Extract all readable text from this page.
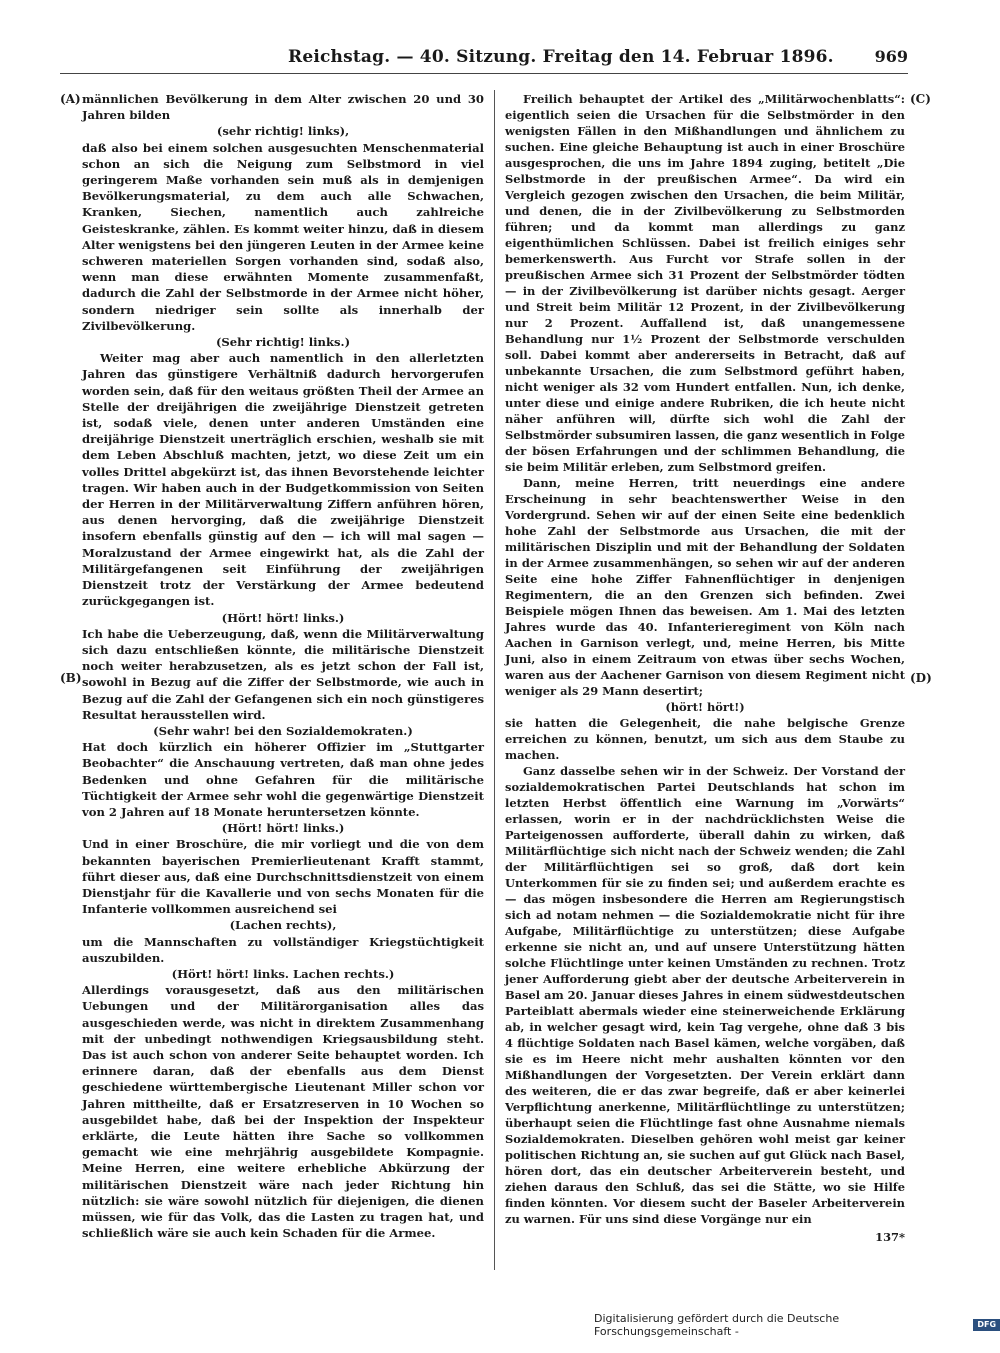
Reichstag. — 40. Sitzung. Freitag den 14. Februar 1896.	969
(A)
(B)
(C)
(D)

männlichen Bevölkerung in dem Alter zwischen 20 und 30 Jahren bilden

(sehr richtig! links),

daß also bei einem solchen ausgesuchten Menschenmaterial schon an sich die Neigung zum Selbstmord in viel geringerem Maße vorhanden sein muß als in demjenigen Bevölkerungsmaterial, zu dem auch alle Schwachen, Kranken, Siechen, namentlich auch zahlreiche Geisteskranke, zählen. Es kommt weiter hinzu, daß in diesem Alter wenigstens bei den jüngeren Leuten in der Armee keine schweren materiellen Sorgen vorhanden sind, sodaß also, wenn man diese erwähnten Momente zusammenfaßt, dadurch die Zahl der Selbstmorde in der Armee nicht höher, sondern niedriger sein sollte als innerhalb der Zivilbevölkerung.

(Sehr richtig! links.)

Weiter mag aber auch namentlich in den allerletzten Jahren das günstigere Verhältniß dadurch hervorgerufen worden sein, daß für den weitaus größten Theil der Armee an Stelle der dreijährigen die zweijährige Dienstzeit getreten ist, sodaß viele, denen unter anderen Umständen eine dreijährige Dienstzeit unerträglich erschien, weshalb sie mit dem Leben Abschluß machten, jetzt, wo diese Zeit um ein volles Drittel abgekürzt ist, das ihnen Bevorstehende leichter tragen. Wir haben auch in der Budgetkommission von Seiten der Herren in der Militärverwaltung Ziffern anführen hören, aus denen hervorging, daß die zweijährige Dienstzeit insofern ebenfalls günstig auf den — ich will mal sagen — Moralzustand der Armee eingewirkt hat, als die Zahl der Militärgefangenen seit Einführung der zweijährigen Dienstzeit trotz der Verstärkung der Armee bedeutend zurückgegangen ist.

(Hört! hört! links.)

Ich habe die Ueberzeugung, daß, wenn die Militärverwaltung sich dazu entschließen könnte, die militärische Dienstzeit noch weiter herabzusetzen, als es jetzt schon der Fall ist, sowohl in Bezug auf die Ziffer der Selbstmorde, wie auch in Bezug auf die Zahl der Gefangenen sich ein noch günstigeres Resultat herausstellen wird.

(Sehr wahr! bei den Sozialdemokraten.)

Hat doch kürzlich ein höherer Offizier im „Stuttgarter Beobachter“ die Anschauung vertreten, daß man ohne jedes Bedenken und ohne Gefahren für die militärische Tüchtigkeit der Armee sehr wohl die gegenwärtige Dienstzeit von 2 Jahren auf 18 Monate heruntersetzen könnte.

(Hört! hört! links.)

Und in einer Broschüre, die mir vorliegt und die von dem bekannten bayerischen Premierlieutenant Krafft stammt, führt dieser aus, daß eine Durchschnittsdienstzeit von einem Dienstjahr für die Kavallerie und von sechs Monaten für die Infanterie vollkommen ausreichend sei

(Lachen rechts),

um die Mannschaften zu vollständiger Kriegstüchtigkeit auszubilden.

(Hört! hört! links. Lachen rechts.)

Allerdings vorausgesetzt, daß aus den militärischen Uebungen und der Militärorganisation alles das ausgeschieden werde, was nicht in direktem Zusammenhang mit der unbedingt nothwendigen Kriegsausbildung steht. Das ist auch schon von anderer Seite behauptet worden. Ich erinnere daran, daß der ebenfalls aus dem Dienst geschiedene württembergische Lieutenant Miller schon vor Jahren mittheilte, daß er Ersatzreserven in 10 Wochen so ausgebildet habe, daß bei der Inspektion der Inspekteur erklärte, die Leute hätten ihre Sache so vollkommen gemacht wie eine mehrjährig ausgebildete Kompagnie. Meine Herren, eine weitere erhebliche Abkürzung der militärischen Dienstzeit wäre nach jeder Richtung hin nützlich: sie wäre sowohl nützlich für diejenigen, die dienen müssen, wie für das Volk, das die Lasten zu tragen hat, und schließlich wäre sie auch kein Schaden für die Armee.

Freilich behauptet der Artikel des „Militärwochenblatts“: eigentlich seien die Ursachen für die Selbstmörder in den wenigsten Fällen in den Mißhandlungen und ähnlichem zu suchen. Eine gleiche Behauptung ist auch in einer Broschüre ausgesprochen, die uns im Jahre 1894 zuging, betitelt „Die Selbstmorde in der preußischen Armee“. Da wird ein Vergleich gezogen zwischen den Ursachen, die beim Militär, und denen, die in der Zivilbevölkerung zu Selbstmorden führen; und da kommt man allerdings zu ganz eigenthümlichen Schlüssen. Dabei ist freilich einiges sehr bemerkenswerth. Aus Furcht vor Strafe sollen in der preußischen Armee sich 31 Prozent der Selbstmörder tödten — in der Zivilbevölkerung ist darüber nichts gesagt. Aerger und Streit beim Militär 12 Prozent, in der Zivilbevölkerung nur 2 Prozent. Auffallend ist, daß unangemessene Behandlung nur 1½ Prozent der Selbstmorde verschulden soll. Dabei kommt aber andererseits in Betracht, daß auf unbekannte Ursachen, die zum Selbstmord geführt haben, nicht weniger als 32 vom Hundert entfallen. Nun, ich denke, unter diese und einige andere Rubriken, die ich heute nicht näher anführen will, dürfte sich wohl die Zahl der Selbstmörder subsumiren lassen, die ganz wesentlich in Folge der bösen Erfahrungen und der schlimmen Behandlung, die sie beim Militär erleben, zum Selbstmord greifen.

Dann, meine Herren, tritt neuerdings eine andere Erscheinung in sehr beachtenswerther Weise in den Vordergrund. Sehen wir auf der einen Seite eine bedenklich hohe Zahl der Selbstmorde aus Ursachen, die mit der militärischen Disziplin und mit der Behandlung der Soldaten in der Armee zusammenhängen, so sehen wir auf der anderen Seite eine hohe Ziffer Fahnenflüchtiger in denjenigen Regimentern, die an den Grenzen sich befinden. Zwei Beispiele mögen Ihnen das beweisen. Am 1. Mai des letzten Jahres wurde das 40. Infanterieregiment von Köln nach Aachen in Garnison verlegt, und, meine Herren, bis Mitte Juni, also in einem Zeitraum von etwas über sechs Wochen, waren aus der Aachener Garnison von diesem Regiment nicht weniger als 29 Mann desertirt;

(hört! hört!)

sie hatten die Gelegenheit, die nahe belgische Grenze erreichen zu können, benutzt, um sich aus dem Staube zu machen.

Ganz dasselbe sehen wir in der Schweiz. Der Vorstand der sozialdemokratischen Partei Deutschlands hat schon im letzten Herbst öffentlich eine Warnung im „Vorwärts“ erlassen, worin er in der nachdrücklichsten Weise die Parteigenossen aufforderte, überall dahin zu wirken, daß Militärflüchtige sich nicht nach der Schweiz wenden; die Zahl der Militärflüchtigen sei so groß, daß dort kein Unterkommen für sie zu finden sei; und außerdem erachte es — das mögen insbesondere die Herren am Regierungstisch sich ad notam nehmen — die Sozialdemokratie nicht für ihre Aufgabe, Militärflüchtige zu unterstützen; diese Aufgabe erkenne sie nicht an, und auf unsere Unterstützung hätten solche Flüchtlinge unter keinen Umständen zu rechnen. Trotz jener Aufforderung giebt aber der deutsche Arbeiterverein in Basel am 20. Januar dieses Jahres in einem südwestdeutschen Parteiblatt abermals wieder eine steinerweichende Erklärung ab, in welcher gesagt wird, kein Tag vergehe, ohne daß 3 bis 4 flüchtige Soldaten nach Basel kämen, welche vorgäben, daß sie es im Heere nicht mehr aushalten könnten vor den Mißhandlungen der Vorgesetzten. Der Verein erklärt dann des weiteren, die er das zwar begreife, daß er aber keinerlei Verpflichtung anerkenne, Militärflüchtlinge zu unterstützen; überhaupt seien die Flüchtlinge fast ohne Ausnahme niemals Sozialdemokraten. Dieselben gehören wohl meist gar keiner politischen Richtung an, sie suchen auf gut Glück nach Basel, hören dort, das ein deutscher Arbeiterverein besteht, und ziehen daraus den Schluß, das sei die Stätte, wo sie Hilfe finden könnten. Vor diesem sucht der Baseler Arbeiterverein zu warnen. Für uns sind diese Vorgänge nur ein

137*

Digitalisierung gefördert durch die Deutsche Forschungsgemeinschaft -
DFG
